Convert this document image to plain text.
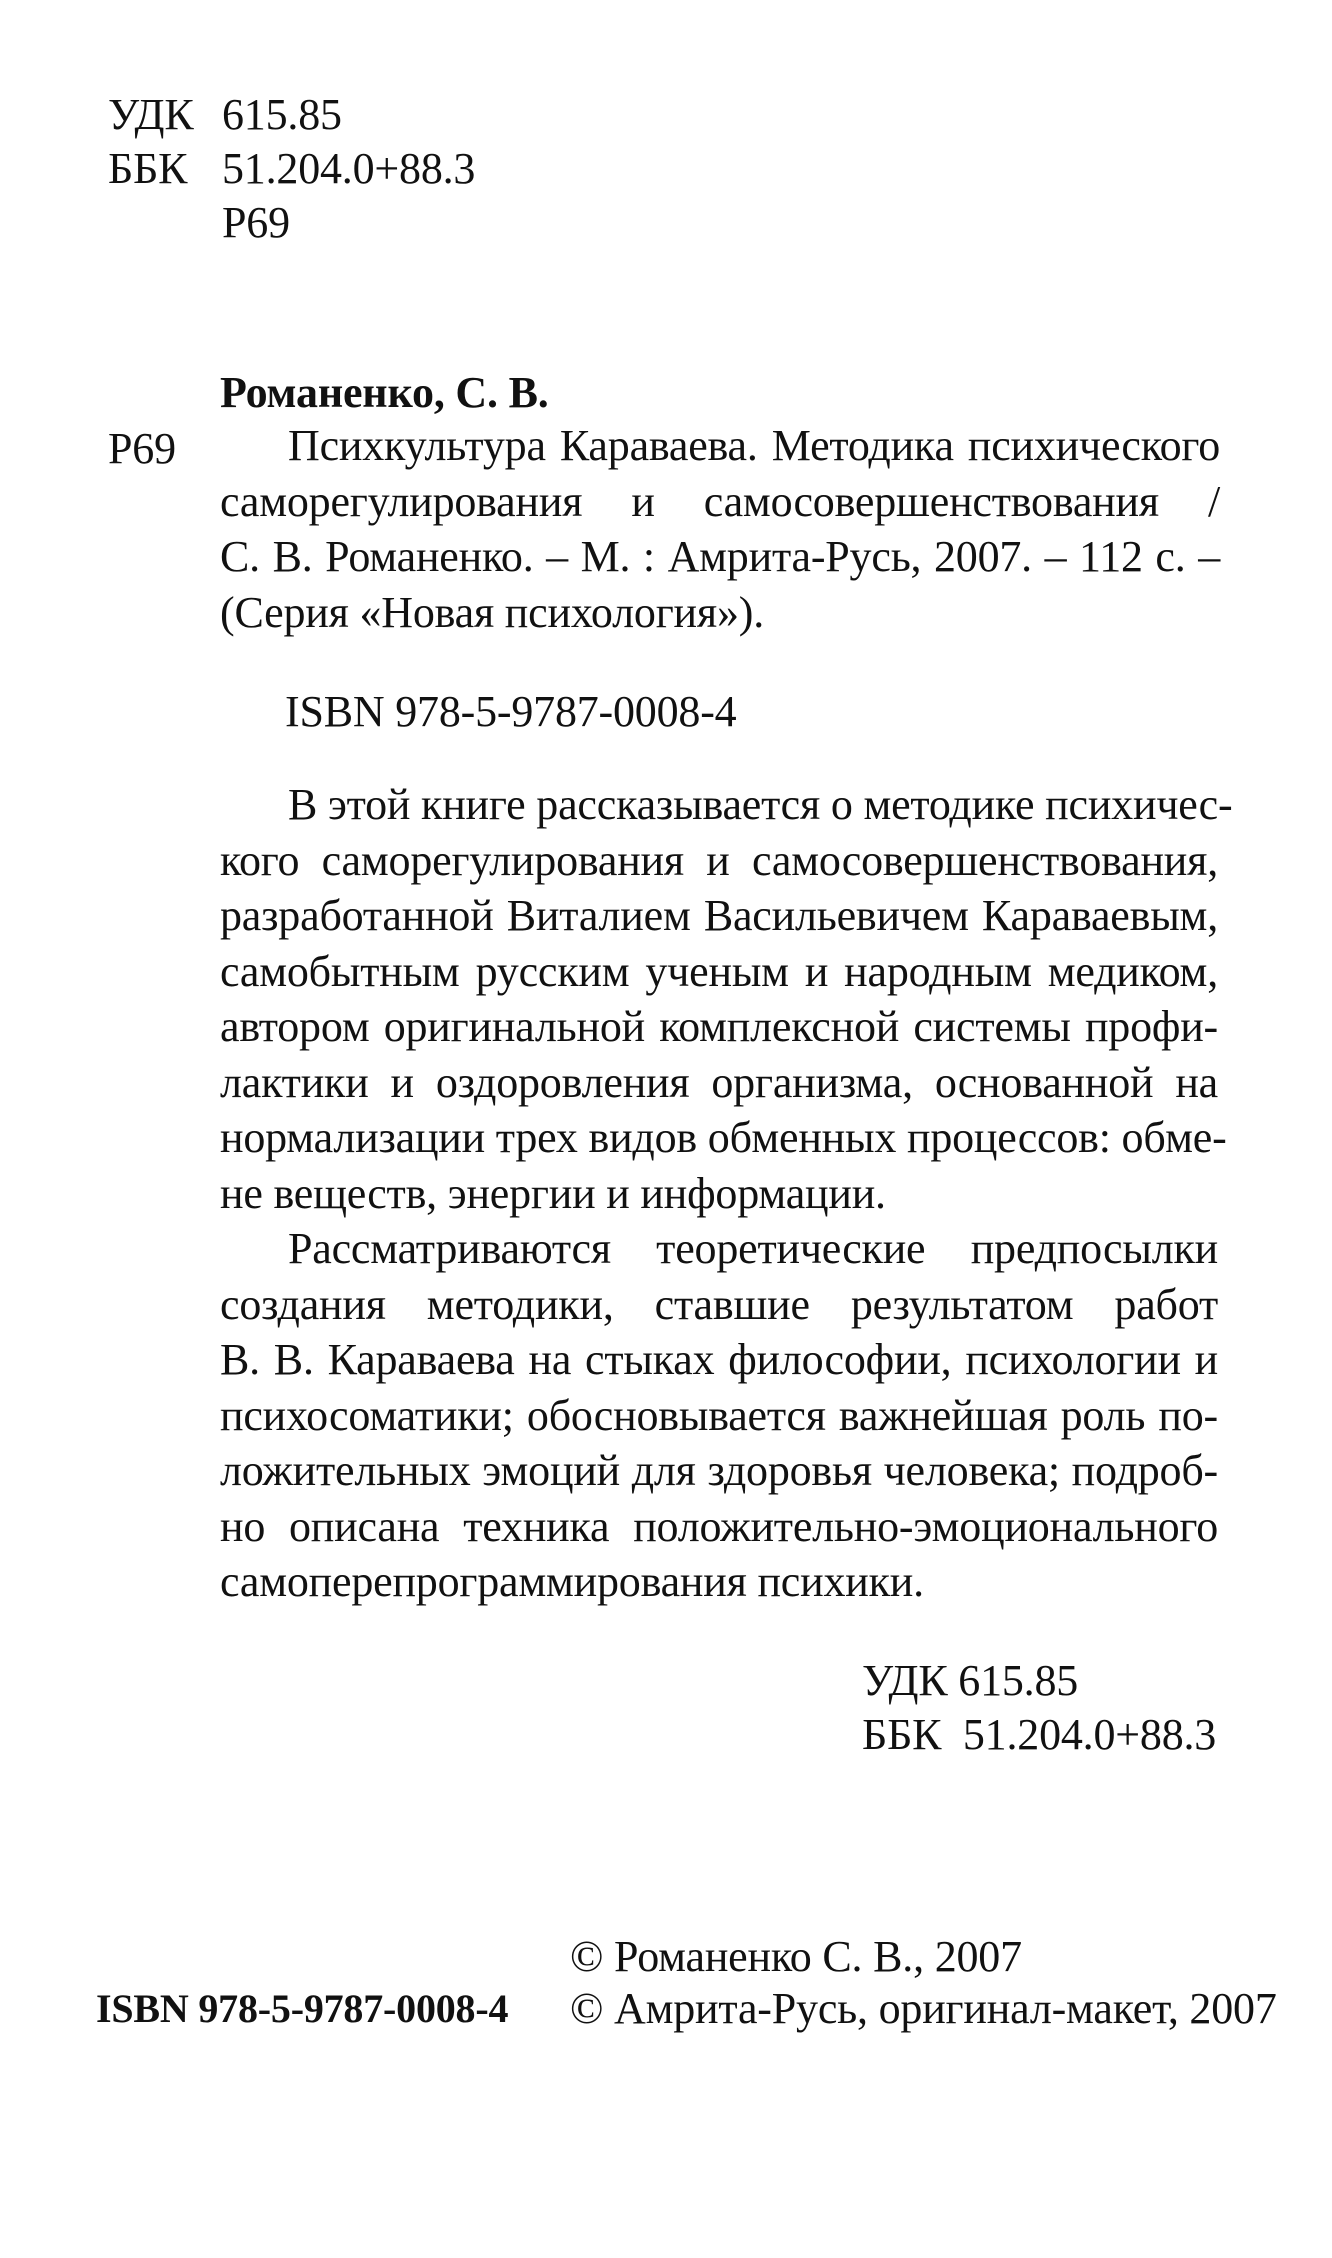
УДК 615.85
ББК 51.204.0+88.3
Р69
Романенко, С. В.
Р69	Психкультура Караваева. Методика психического
саморегулирования и самосовершенствования /
С. В. Романенко. – М. : Амрита-Русь, 2007. – 112 с. –
(Серия «Новая психология»).
ISBN 978-5-9787-0008-4
В этой книге рассказывается о методике психичес-
кого саморегулирования и самосовершенствования,
разработанной Виталием Васильевичем Караваевым,
самобытным русским ученым и народным медиком,
автором оригинальной комплексной системы профи-
лактики и оздоровления организма, основанной на
нормализации трех видов обменных процессов: обме-
не веществ, энергии и информации.
Рассматриваются теоретические предпосылки
создания методики, ставшие результатом работ
В. В. Караваева на стыках философии, психологии и
психосоматики; обосновывается важнейшая роль по-
ложительных эмоций для здоровья человека; подроб-
но описана техника положительно-эмоционального
самоперепрограммирования психики.
УДК 615.85
ББК  51.204.0+88.3
© Романенко С. В., 2007
ISBN 978-5-9787-0008-4 © Амрита-Русь, оригинал-макет, 2007
